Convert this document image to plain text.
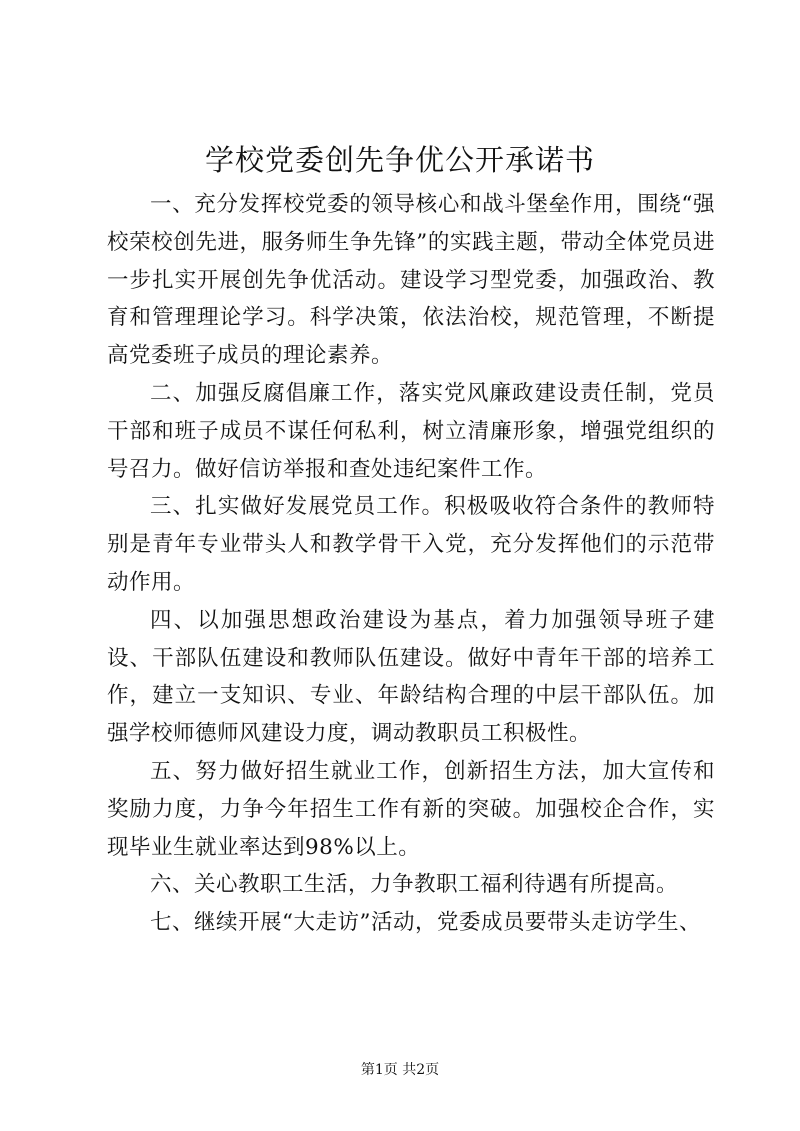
学校党委创先争优公开承诺书

一、充分发挥校党委的领导核心和战斗堡垒作用，围绕“强校荣校创先进，服务师生争先锋”的实践主题，带动全体党员进一步扎实开展创先争优活动。建设学习型党委，加强政治、教育和管理理论学习。科学决策，依法治校，规范管理，不断提高党委班子成员的理论素养。

二、加强反腐倡廉工作，落实党风廉政建设责任制，党员干部和班子成员不谋任何私利，树立清廉形象，增强党组织的号召力。做好信访举报和查处违纪案件工作。

三、扎实做好发展党员工作。积极吸收符合条件的教师特别是青年专业带头人和教学骨干入党，充分发挥他们的示范带动作用。

四、以加强思想政治建设为基点，着力加强领导班子建设、干部队伍建设和教师队伍建设。做好中青年干部的培养工作，建立一支知识、专业、年龄结构合理的中层干部队伍。加强学校师德师风建设力度，调动教职员工积极性。

五、努力做好招生就业工作，创新招生方法，加大宣传和奖励力度，力争今年招生工作有新的突破。加强校企合作，实现毕业生就业率达到98%以上。

六、关心教职工生活，力争教职工福利待遇有所提高。

七、继续开展“大走访”活动，党委成员要带头走访学生、

第1页 共2页
